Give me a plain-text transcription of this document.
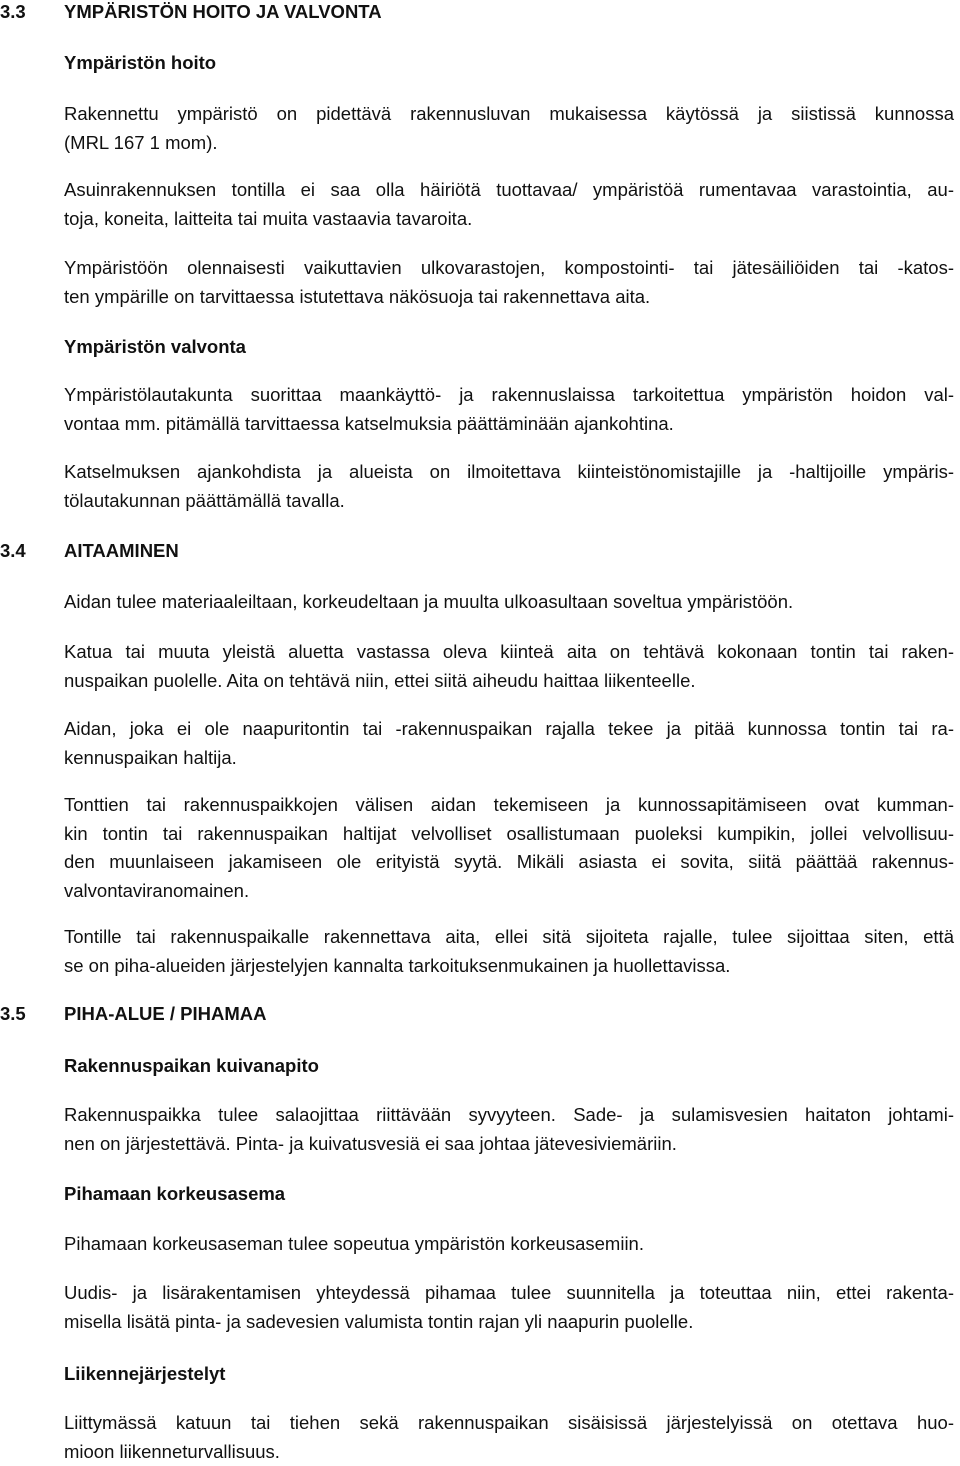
3.3 YMPÄRISTÖN HOITO JA VALVONTA
Ympäristön hoito
Rakennettu ympäristö on pidettävä rakennusluvan mukaisessa käytössä ja siistissä kunnossa
(MRL 167 1 mom).
Asuinrakennuksen tontilla ei saa olla häiriötä tuottavaa/ ympäristöä rumentavaa varastointia, au-
toja, koneita, laitteita tai muita vastaavia tavaroita.
Ympäristöön olennaisesti vaikuttavien ulkovarastojen, kompostointi- tai jätesäiliöiden tai -katos-
ten ympärille on tarvittaessa istutettava näkösuoja tai rakennettava aita.
Ympäristön valvonta
Ympäristölautakunta suorittaa maankäyttö- ja rakennuslaissa tarkoitettua ympäristön hoidon val-
vontaa mm. pitämällä tarvittaessa katselmuksia päättäminään ajankohtina.
Katselmuksen ajankohdista ja alueista on ilmoitettava kiinteistönomistajille ja -haltijoille ympäris-
tölautakunnan päättämällä tavalla.
3.4 AITAAMINEN
Aidan tulee materiaaleiltaan, korkeudeltaan ja muulta ulkoasultaan soveltua ympäristöön.
Katua tai muuta yleistä aluetta vastassa oleva kiinteä aita on tehtävä kokonaan tontin tai raken-
nuspaikan puolelle. Aita on tehtävä niin, ettei siitä aiheudu haittaa liikenteelle.
Aidan, joka ei ole naapuritontin tai -rakennuspaikan rajalla tekee ja pitää kunnossa tontin tai ra-
kennuspaikan haltija.
Tonttien tai rakennuspaikkojen välisen aidan tekemiseen ja kunnossapitämiseen ovat kumman-
kin tontin tai rakennuspaikan haltijat velvolliset osallistumaan puoleksi kumpikin, jollei velvollisuu-
den muunlaiseen jakamiseen ole erityistä syytä. Mikäli asiasta ei sovita, siitä päättää rakennus-
valvontaviranomainen.
Tontille tai rakennuspaikalle rakennettava aita, ellei sitä sijoiteta rajalle, tulee sijoittaa siten, että
se on piha-alueiden järjestelyjen kannalta tarkoituksenmukainen ja huollettavissa.
3.5 PIHA-ALUE / PIHAMAA
Rakennuspaikan kuivanapito
Rakennuspaikka tulee salaojittaa riittävään syvyyteen. Sade- ja sulamisvesien haitaton johtami-
nen on järjestettävä. Pinta- ja kuivatusvesiä ei saa johtaa jätevesiviemäriin.
Pihamaan korkeusasema
Pihamaan korkeusaseman tulee sopeutua ympäristön korkeusasemiin.
Uudis- ja lisärakentamisen yhteydessä pihamaa tulee suunnitella ja toteuttaa niin, ettei rakenta-
misella lisätä pinta- ja sadevesien valumista tontin rajan yli naapurin puolelle.
Liikennejärjestelyt
Liittymässä katuun tai tiehen sekä rakennuspaikan sisäisissä järjestelyissä on otettava huo-
mioon liikenneturvallisuus.
